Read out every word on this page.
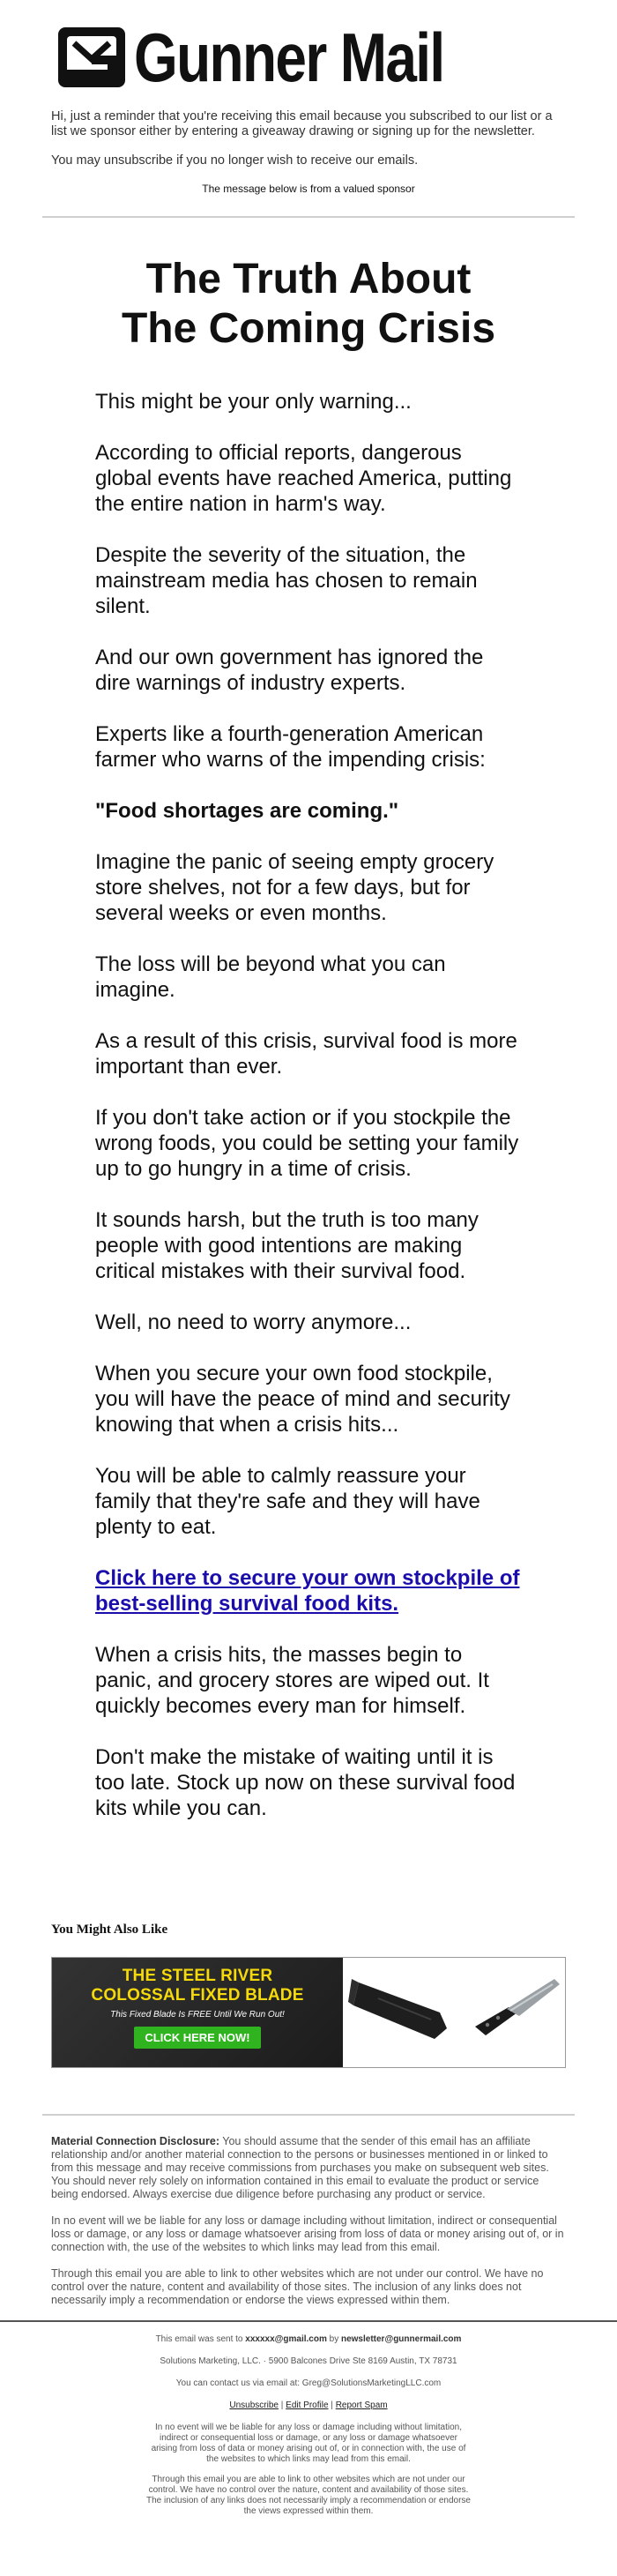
Gunner Mail

Hi, just a reminder that you're receiving this email because you subscribed to our list or a list we sponsor either by entering a giveaway drawing or signing up for the newsletter.

You may unsubscribe if you no longer wish to receive our emails.

The message below is from a valued sponsor
The Truth About
The Coming Crisis

This might be your only warning...

According to official reports, dangerous global events have reached America, putting the entire nation in harm's way.

Despite the severity of the situation, the mainstream media has chosen to remain silent.

And our own government has ignored the dire warnings of industry experts.

Experts like a fourth-generation American farmer who warns of the impending crisis:

"Food shortages are coming."

Imagine the panic of seeing empty grocery store shelves, not for a few days, but for several weeks or even months.

The loss will be beyond what you can imagine.

As a result of this crisis, survival food is more important than ever.

If you don't take action or if you stockpile the wrong foods, you could be setting your family up to go hungry in a time of crisis.

It sounds harsh, but the truth is too many people with good intentions are making critical mistakes with their survival food.

Well, no need to worry anymore...

When you secure your own food stockpile, you will have the peace of mind and security knowing that when a crisis hits...

You will be able to calmly reassure your family that they're safe and they will have plenty to eat.

Click here to secure your own stockpile of best-selling survival food kits.

When a crisis hits, the masses begin to panic, and grocery stores are wiped out. It quickly becomes every man for himself.

Don't make the mistake of waiting until it is too late. Stock up now on these survival food kits while you can.

You Might Also Like
THE STEEL RIVER
COLOSSAL FIXED BLADE
This Fixed Blade Is FREE Until We Run Out!
CLICK HERE NOW!

Material Connection Disclosure: You should assume that the sender of this email has an affiliate relationship and/or another material connection to the persons or businesses mentioned in or linked to from this message and may receive commissions from purchases you make on subsequent web sites. You should never rely solely on information contained in this email to evaluate the product or service being endorsed. Always exercise due diligence before purchasing any product or service.

In no event will we be liable for any loss or damage including without limitation, indirect or consequential loss or damage, or any loss or damage whatsoever arising from loss of data or money arising out of, or in connection with, the use of the websites to which links may lead from this email.

Through this email you are able to link to other websites which are not under our control. We have no control over the nature, content and availability of those sites. The inclusion of any links does not necessarily imply a recommendation or endorse the views expressed within them.

This email was sent to xxxxxx@gmail.com by newsletter@gunnermail.com
Solutions Marketing, LLC. · 5900 Balcones Drive Ste 8169 Austin, TX 78731
You can contact us via email at: Greg@SolutionsMarketingLLC.com
Unsubscribe | Edit Profile | Report Spam
In no event will we be liable for any loss or damage including without limitation, indirect or consequential loss or damage, or any loss or damage whatsoever arising from loss of data or money arising out of, or in connection with, the use of the websites to which links may lead from this email.
Through this email you are able to link to other websites which are not under our control. We have no control over the nature, content and availability of those sites. The inclusion of any links does not necessarily imply a recommendation or endorse the views expressed within them.
